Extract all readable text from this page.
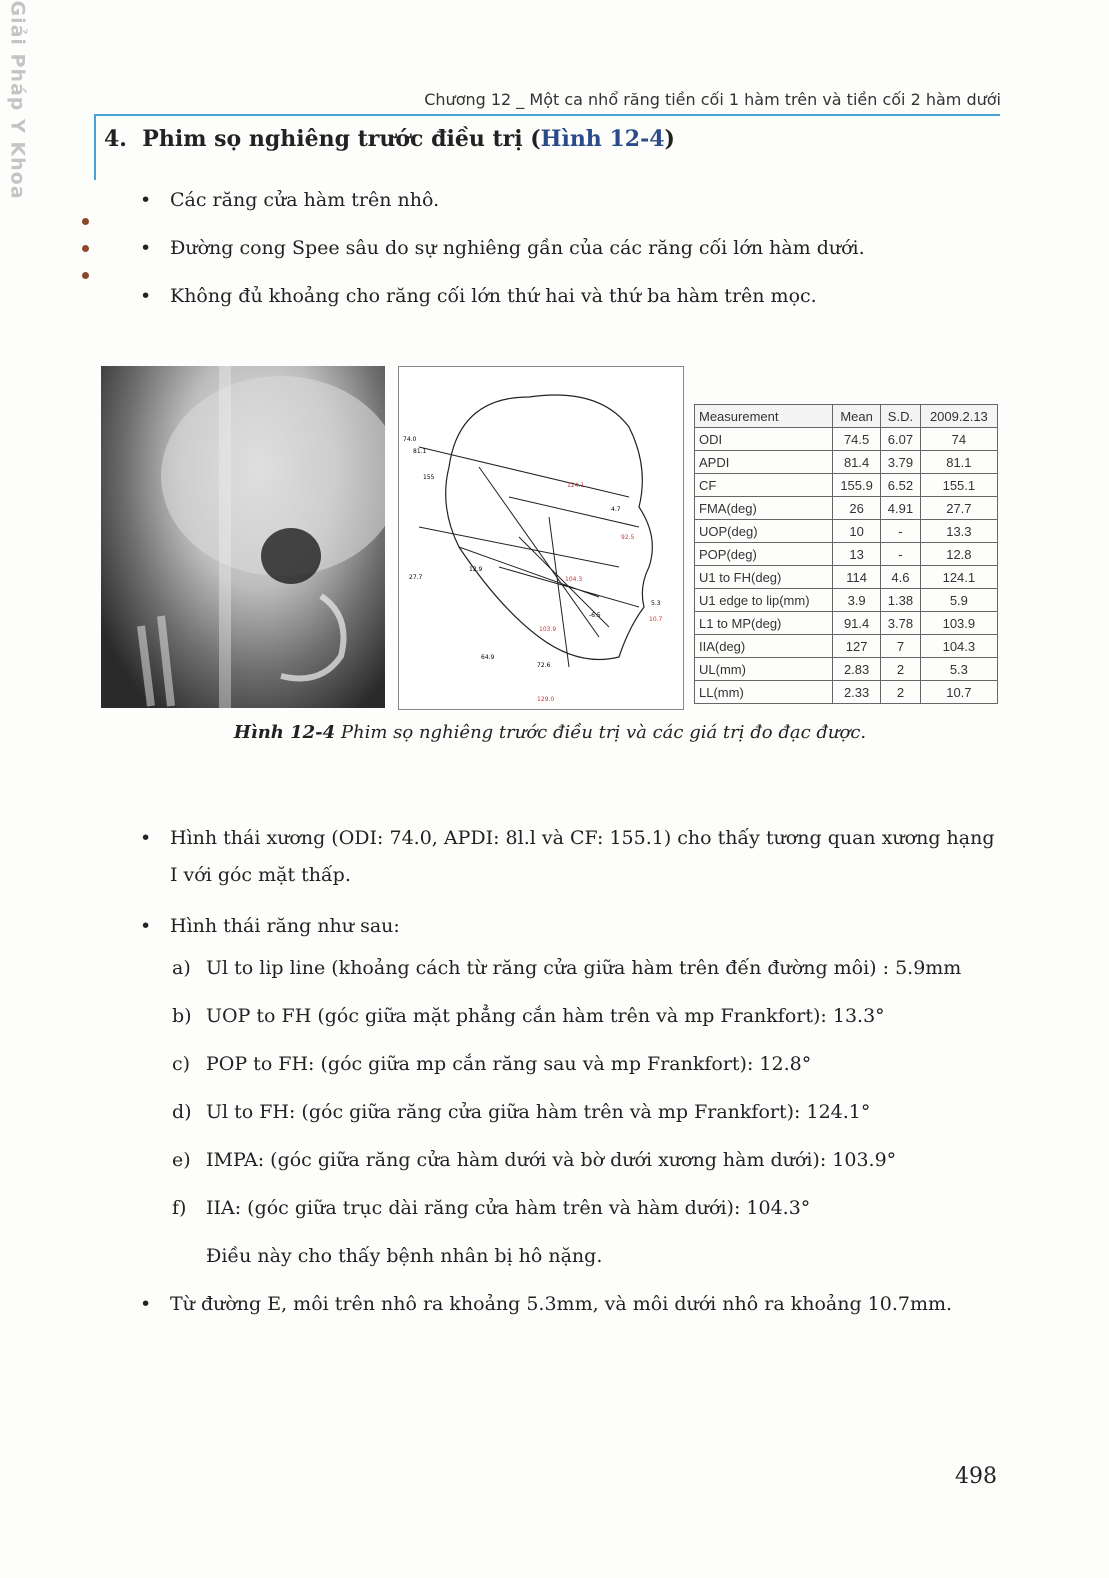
Giải Pháp Y Khoa	Chương 12 _ Một ca nhổ răng tiền cối 1 hàm trên và tiền cối 2 hàm dưới
4. Phim sọ nghiêng trước điều trị (Hình 12-4)
• Các răng cửa hàm trên nhô.
• Đường cong Spee sâu do sự nghiêng gần của các răng cối lớn hàm dưới.
• Không đủ khoảng cho răng cối lớn thứ hai và thứ ba hàm trên mọc.
74.0
81.1
155
27.7
12.9
124.1
92.5
4.7
5.3
10.7
103.9
72.6
64.9
129.0
-6.5
104.3
Measurement	Mean	S.D.	2009.2.13
ODI	74.5	6.07	74
APDI	81.4	3.79	81.1
CF	155.9	6.52	155.1
FMA(deg)	26	4.91	27.7
UOP(deg)	10	-	13.3
POP(deg)	13	-	12.8
U1 to FH(deg)	114	4.6	124.1
U1 edge to lip(mm)	3.9	1.38	5.9
L1 to MP(deg)	91.4	3.78	103.9
IIA(deg)	127	7	104.3
UL(mm)	2.83	2	5.3
LL(mm)	2.33	2	10.7
Hình 12-4 Phim sọ nghiêng trước điều trị và các giá trị đo đạc được.
• Hình thái xương (ODI: 74.0, APDI: 8l.l và CF: 155.1) cho thấy tương quan xương hạng I với góc mặt thấp.
• Hình thái răng như sau:
a) Ul to lip line (khoảng cách từ răng cửa giữa hàm trên đến đường môi) : 5.9mm
b) UOP to FH (góc giữa mặt phẳng cắn hàm trên và mp Frankfort): 13.3°
c) POP to FH: (góc giữa mp cắn răng sau và mp Frankfort): 12.8°
d) Ul to FH: (góc giữa răng cửa giữa hàm trên và mp Frankfort): 124.1°
e) IMPA: (góc giữa răng cửa hàm dưới và bờ dưới xương hàm dưới): 103.9°
f) IIA: (góc giữa trục dài răng cửa hàm trên và hàm dưới): 104.3°
Điều này cho thấy bệnh nhân bị hô nặng.
• Từ đường E, môi trên nhô ra khoảng 5.3mm, và môi dưới nhô ra khoảng 10.7mm.
498
